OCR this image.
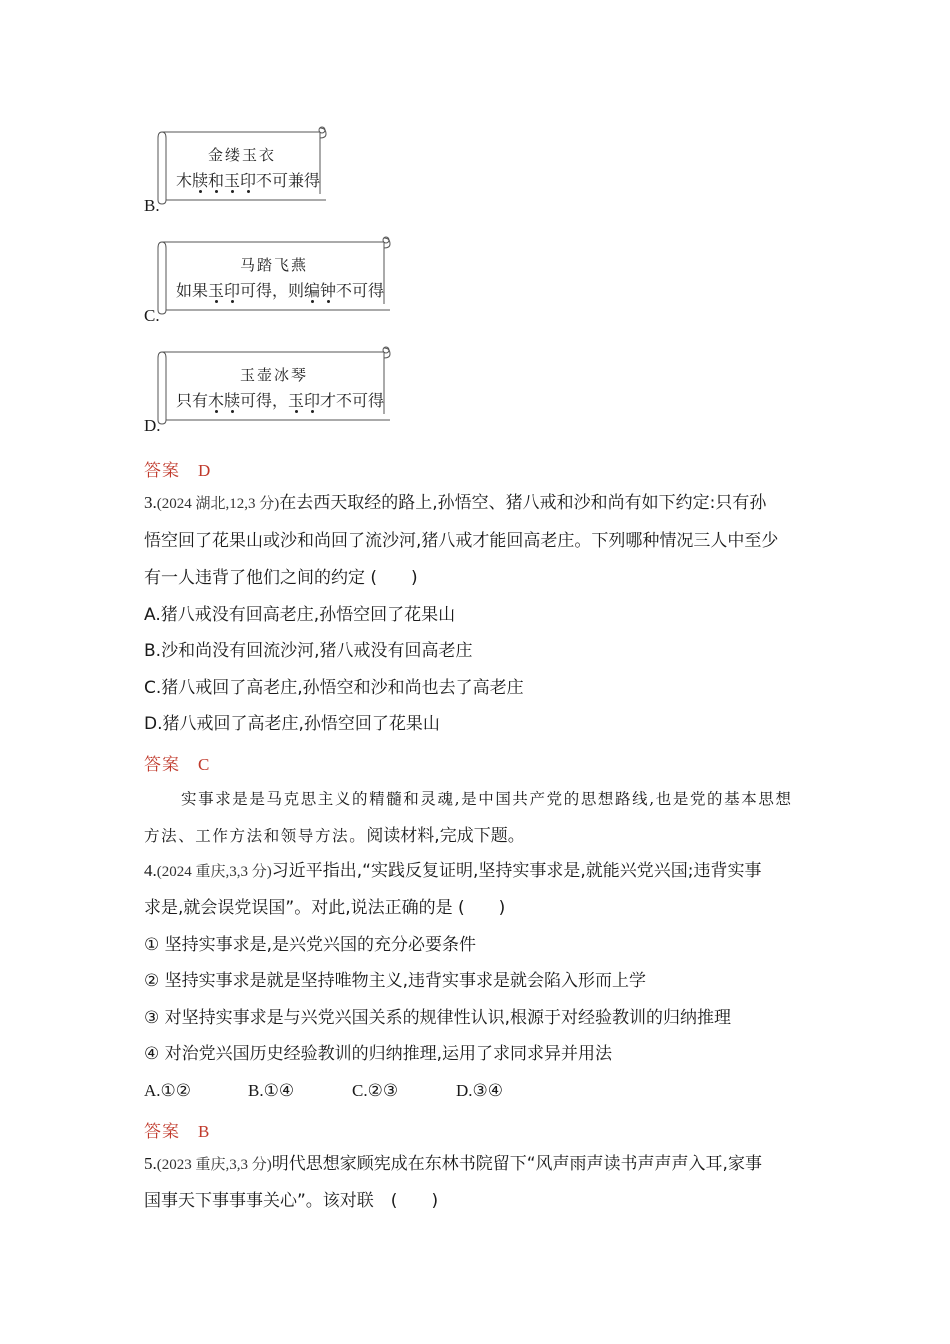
B.
金缕玉衣
木牍和玉印不可兼得
C.
马踏飞燕
如果玉印可得，则编钟不可得
D.
玉壶冰琴
只有木牍可得，玉印才不可得
答案 D
3.(2024 湖北,12,3 分)在去西天取经的路上,孙悟空、猪八戒和沙和尚有如下约定:只有孙
悟空回了花果山或沙和尚回了流沙河,猪八戒才能回高老庄。下列哪种情况三人中至少
有一人违背了他们之间的约定 (　　)
A.猪八戒没有回高老庄,孙悟空回了花果山
B.沙和尚没有回流沙河,猪八戒没有回高老庄
C.猪八戒回了高老庄,孙悟空和沙和尚也去了高老庄
D.猪八戒回了高老庄,孙悟空回了花果山
答案 C
实事求是是马克思主义的精髓和灵魂,是中国共产党的思想路线,也是党的基本思想
方法、工作方法和领导方法。阅读材料,完成下题。
4.(2024 重庆,3,3 分)习近平指出,“实践反复证明,坚持实事求是,就能兴党兴国;违背实事
求是,就会误党误国”。对此,说法正确的是 (　　)
① 坚持实事求是,是兴党兴国的充分必要条件
② 坚持实事求是就是坚持唯物主义,违背实事求是就会陷入形而上学
③ 对坚持实事求是与兴党兴国关系的规律性认识,根源于对经验教训的归纳推理
④ 对治党兴国历史经验教训的归纳推理,运用了求同求异并用法
A.①②	B.①④	C.②③	D.③④
答案 B
5.(2023 重庆,3,3 分)明代思想家顾宪成在东林书院留下“风声雨声读书声声声入耳,家事
国事天下事事事关心”。该对联　(　　)
